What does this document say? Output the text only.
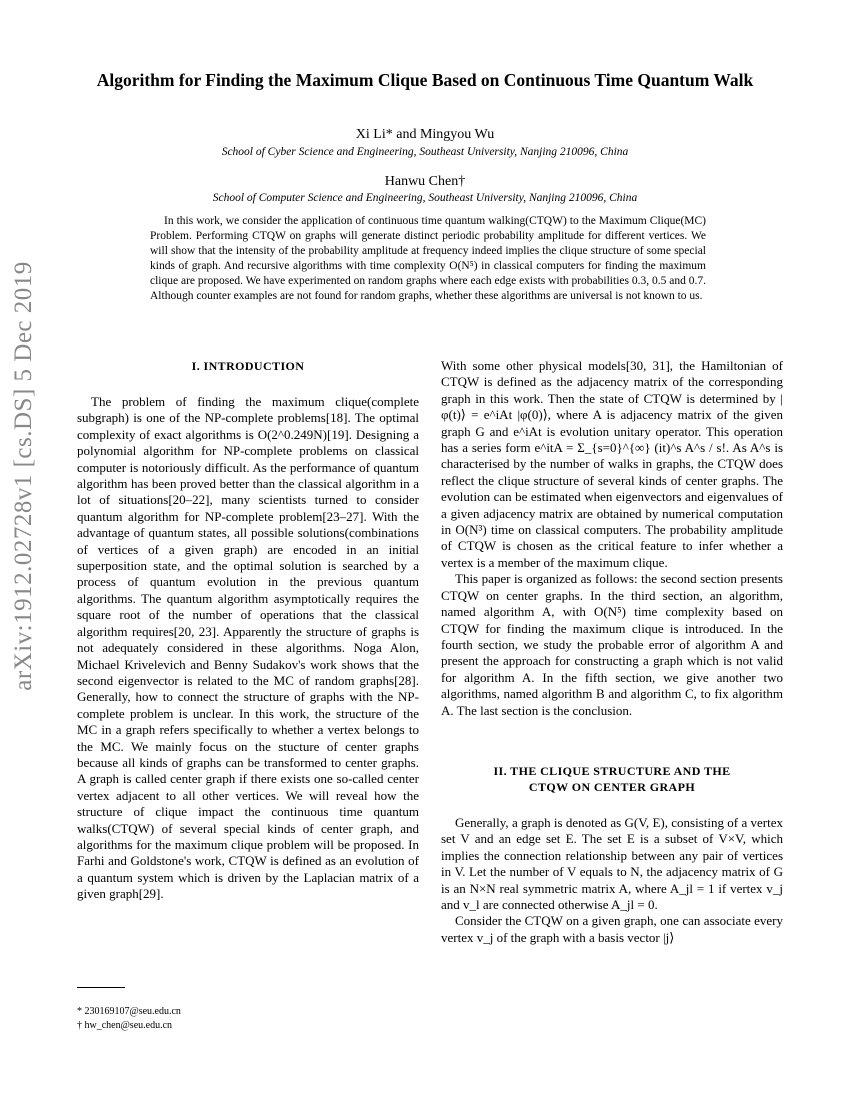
arXiv:1912.02728v1 [cs.DS] 5 Dec 2019
Algorithm for Finding the Maximum Clique Based on Continuous Time Quantum Walk
Xi Li* and Mingyou Wu
School of Cyber Science and Engineering, Southeast University, Nanjing 210096, China
Hanwu Chen†
School of Computer Science and Engineering, Southeast University, Nanjing 210096, China

In this work, we consider the application of continuous time quantum walking(CTQW) to the Maximum Clique(MC) Problem. Performing CTQW on graphs will generate distinct periodic probability amplitude for different vertices. We will show that the intensity of the probability amplitude at frequency indeed implies the clique structure of some special kinds of graph. And recursive algorithms with time complexity O(N⁵) in classical computers for finding the maximum clique are proposed. We have experimented on random graphs where each edge exists with probabilities 0.3, 0.5 and 0.7. Although counter examples are not found for random graphs, whether these algorithms are universal is not known to us.

I. INTRODUCTION

The problem of finding the maximum clique(complete subgraph) is one of the NP-complete problems[18]. The optimal complexity of exact algorithms is O(2^0.249N)[19]. Designing a polynomial algorithm for NP-complete problems on classical computer is notoriously difficult. As the performance of quantum algorithm has been proved better than the classical algorithm in a lot of situations[20–22], many scientists turned to consider quantum algorithm for NP-complete problem[23–27]. With the advantage of quantum states, all possible solutions(combinations of vertices of a given graph) are encoded in an initial superposition state, and the optimal solution is searched by a process of quantum evolution in the previous quantum algorithms. The quantum algorithm asymptotically requires the square root of the number of operations that the classical algorithm requires[20, 23]. Apparently the structure of graphs is not adequately considered in these algorithms. Noga Alon, Michael Krivelevich and Benny Sudakov's work shows that the second eigenvector is related to the MC of random graphs[28]. Generally, how to connect the structure of graphs with the NP-complete problem is unclear. In this work, the structure of the MC in a graph refers specifically to whether a vertex belongs to the MC. We mainly focus on the stucture of center graphs because all kinds of graphs can be transformed to center graphs. A graph is called center graph if there exists one so-called center vertex adjacent to all other vertices. We will reveal how the structure of clique impact the continuous time quantum walks(CTQW) of several special kinds of center graph, and algorithms for the maximum clique problem will be proposed. In Farhi and Goldstone's work, CTQW is defined as an evolution of a quantum system which is driven by the Laplacian matrix of a given graph[29].

With some other physical models[30, 31], the Hamiltonian of CTQW is defined as the adjacency matrix of the corresponding graph in this work. Then the state of CTQW is determined by |φ(t)⟩ = e^iAt |φ(0)⟩, where A is adjacency matrix of the given graph G and e^iAt is evolution unitary operator. This operation has a series form e^itA = Σ_{s=0}^{∞} (it)^s A^s / s!. As A^s is characterised by the number of walks in graphs, the CTQW does reflect the clique structure of several kinds of center graphs. The evolution can be estimated when eigenvectors and eigenvalues of a given adjacency matrix are obtained by numerical computation in O(N³) time on classical computers. The probability amplitude of CTQW is chosen as the critical feature to infer whether a vertex is a member of the maximum clique.

This paper is organized as follows: the second section presents CTQW on center graphs. In the third section, an algorithm, named algorithm A, with O(N⁵) time complexity based on CTQW for finding the maximum clique is introduced. In the fourth section, we study the probable error of algorithm A and present the approach for constructing a graph which is not valid for algorithm A. In the fifth section, we give another two algorithms, named algorithm B and algorithm C, to fix algorithm A. The last section is the conclusion.

II. THE CLIQUE STRUCTURE AND THE
CTQW ON CENTER GRAPH

Generally, a graph is denoted as G(V, E), consisting of a vertex set V and an edge set E. The set E is a subset of V×V, which implies the connection relationship between any pair of vertices in V. Let the number of V equals to N, the adjacency matrix of G is an N×N real symmetric matrix A, where A_jl = 1 if vertex v_j and v_l are connected otherwise A_jl = 0.

Consider the CTQW on a given graph, one can associate every vertex v_j of the graph with a basis vector |j⟩

* 230169107@seu.edu.cn
† hw_chen@seu.edu.cn
